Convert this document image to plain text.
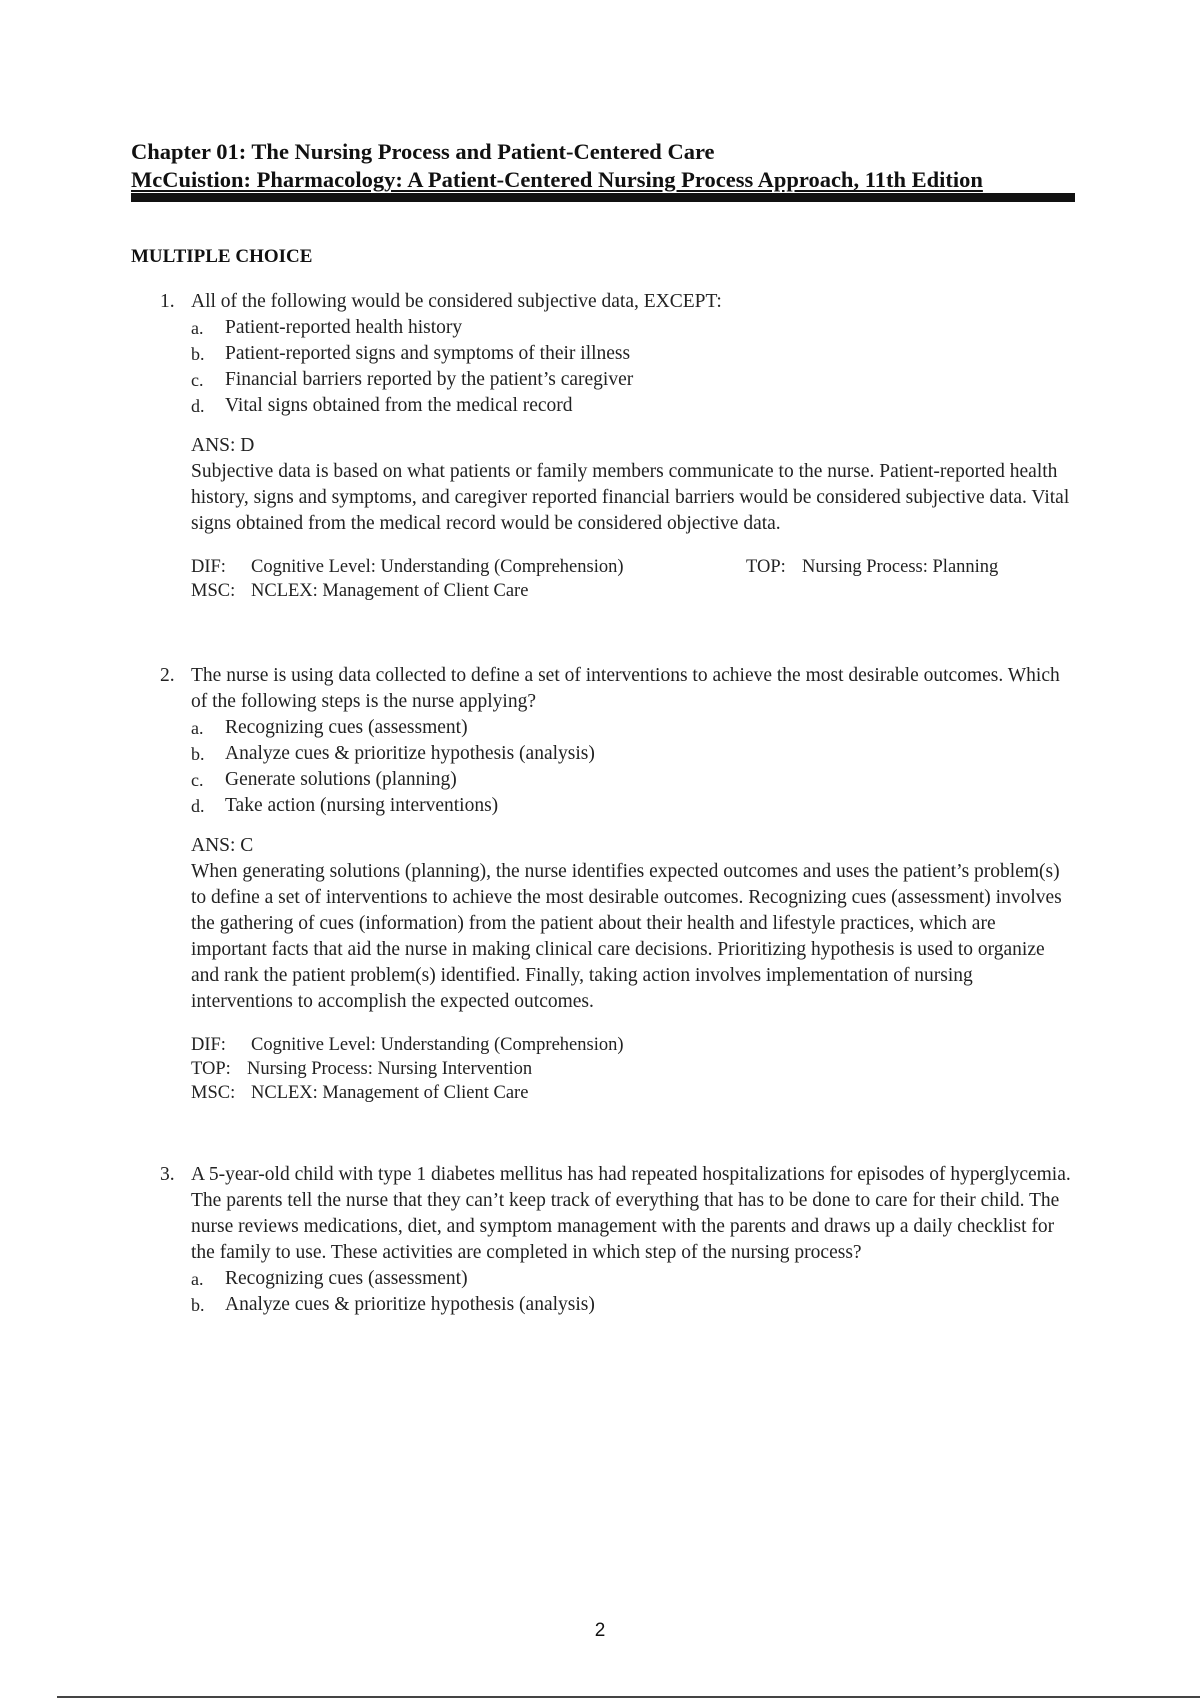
Chapter 01: The Nursing Process and Patient-Centered Care
McCuistion: Pharmacology: A Patient-Centered Nursing Process Approach, 11th Edition
MULTIPLE CHOICE
1. All of the following would be considered subjective data, EXCEPT:
a.	Patient-reported health history
b.	Patient-reported signs and symptoms of their illness
c.	Financial barriers reported by the patient’s caregiver
d.	Vital signs obtained from the medical record
ANS: D
Subjective data is based on what patients or family members communicate to the nurse. Patient-reported health history, signs and symptoms, and caregiver reported financial barriers would be considered subjective data. Vital signs obtained from the medical record would be considered objective data.
DIF: Cognitive Level: Understanding (Comprehension)	TOP: Nursing Process: Planning
MSC: NCLEX: Management of Client Care
2. The nurse is using data collected to define a set of interventions to achieve the most desirable outcomes. Which of the following steps is the nurse applying?
a.	Recognizing cues (assessment)
b.	Analyze cues & prioritize hypothesis (analysis)
c.	Generate solutions (planning)
d.	Take action (nursing interventions)
ANS: C
When generating solutions (planning), the nurse identifies expected outcomes and uses the patient’s problem(s) to define a set of interventions to achieve the most desirable outcomes. Recognizing cues (assessment) involves the gathering of cues (information) from the patient about their health and lifestyle practices, which are important facts that aid the nurse in making clinical care decisions. Prioritizing hypothesis is used to organize and rank the patient problem(s) identified. Finally, taking action involves implementation of nursing interventions to accomplish the expected outcomes.
DIF: Cognitive Level: Understanding (Comprehension)
TOP: Nursing Process: Nursing Intervention
MSC: NCLEX: Management of Client Care
3. A 5-year-old child with type 1 diabetes mellitus has had repeated hospitalizations for episodes of hyperglycemia. The parents tell the nurse that they can’t keep track of everything that has to be done to care for their child. The nurse reviews medications, diet, and symptom management with the parents and draws up a daily checklist for the family to use. These activities are completed in which step of the nursing process?
a.	Recognizing cues (assessment)
b.	Analyze cues & prioritize hypothesis (analysis)
2
